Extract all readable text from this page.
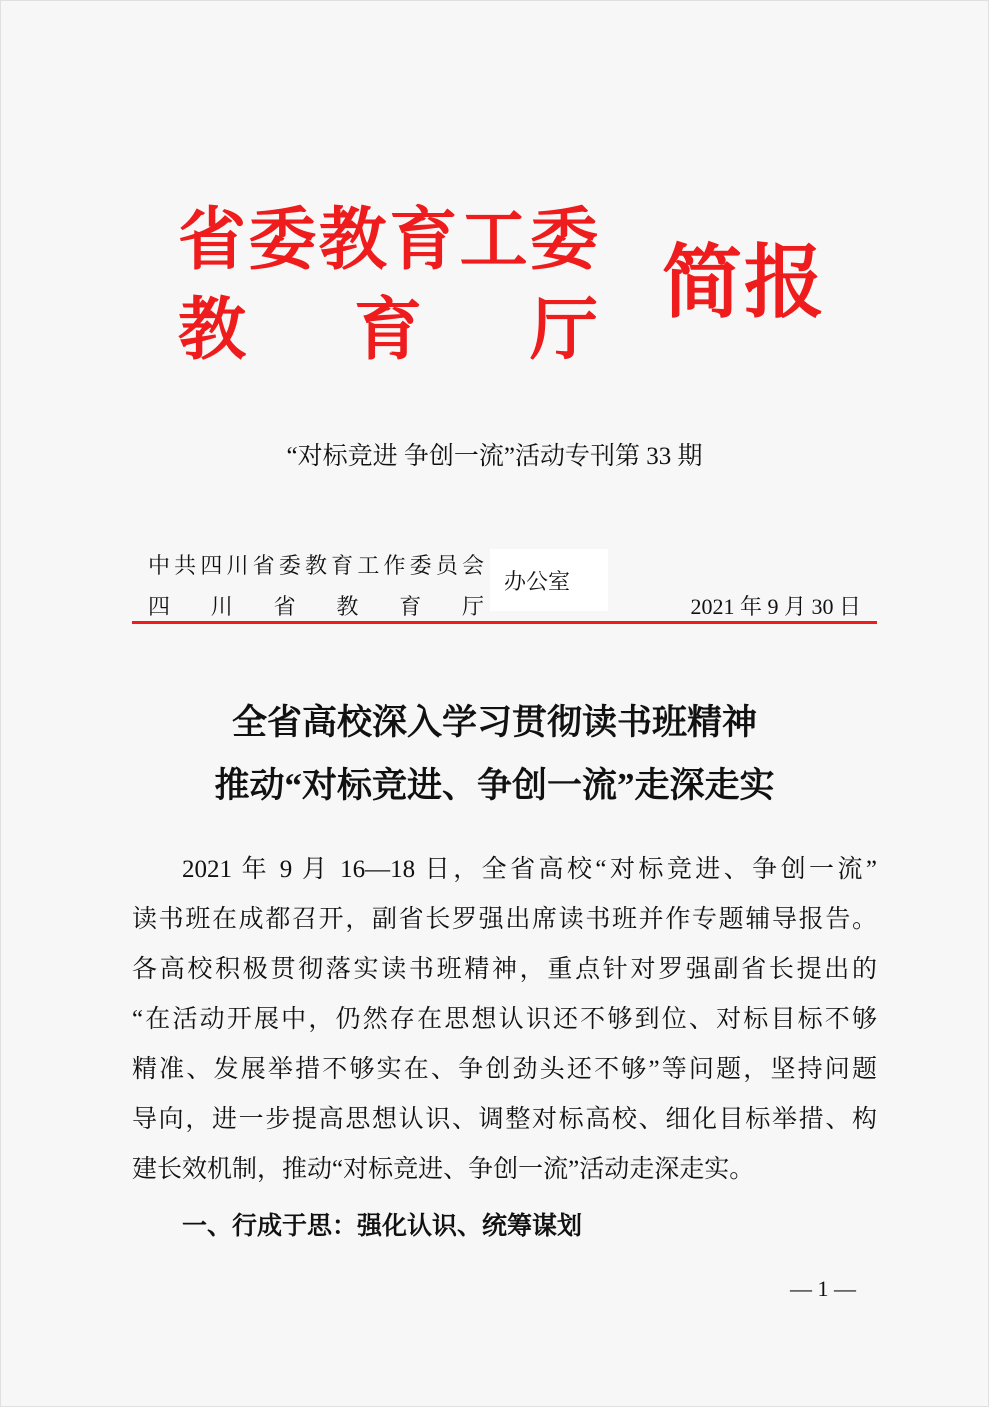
省委教育工委
教　育　厅
简报
“对标竞进 争创一流”活动专刊第 33 期
中共四川省委教育工作委员会
四川省教育厅
办公室
2021 年 9 月 30 日
全省高校深入学习贯彻读书班精神
推动“对标竞进、争创一流”走深走实
2021 年 9 月 16—18 日，全省高校“对标竞进、争创一流”
读书班在成都召开，副省长罗强出席读书班并作专题辅导报告。
各高校积极贯彻落实读书班精神，重点针对罗强副省长提出的
“在活动开展中，仍然存在思想认识还不够到位、对标目标不够
精准、发展举措不够实在、争创劲头还不够”等问题，坚持问题
导向，进一步提高思想认识、调整对标高校、细化目标举措、构
建长效机制，推动“对标竞进、争创一流”活动走深走实。
一、行成于思：强化认识、统筹谋划
— 1 —
